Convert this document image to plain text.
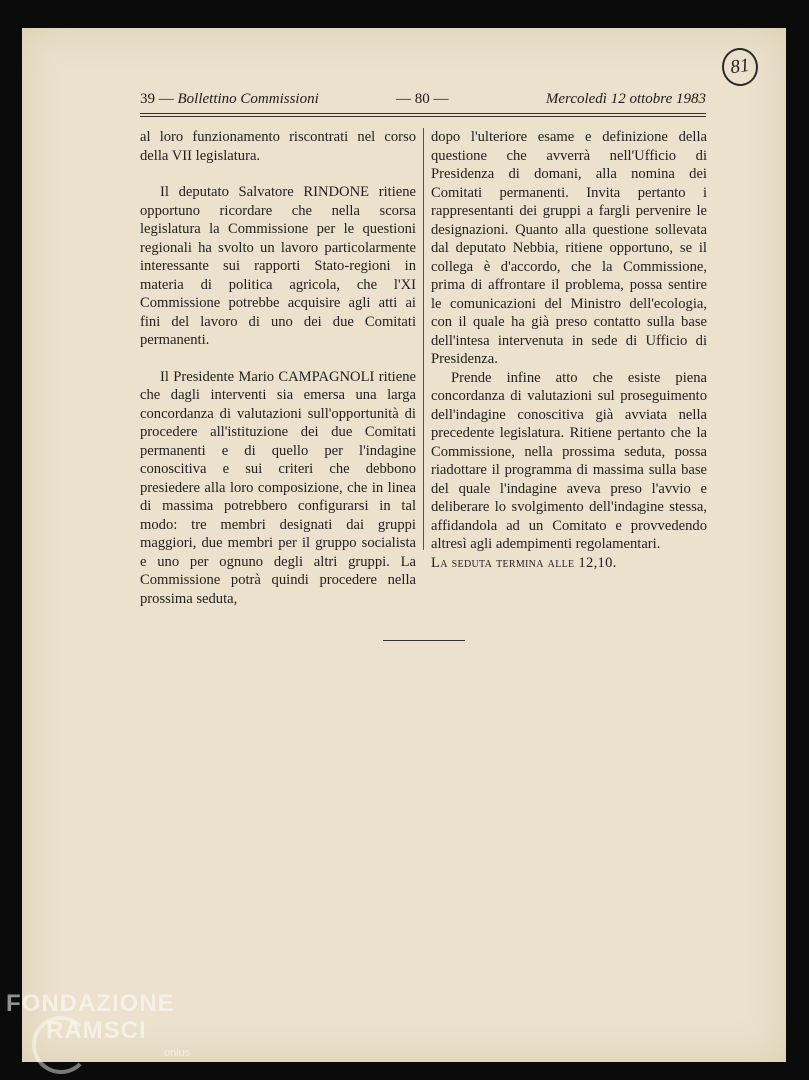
81
39 — Bollettino Commissioni	— 80 —	Mercoledì 12 ottobre 1983

al loro funzionamento riscontrati nel corso della VII legislatura.

Il deputato Salvatore RINDONE ritiene opportuno ricordare che nella scorsa legislatura la Commissione per le questioni regionali ha svolto un lavoro particolarmente interessante sui rapporti Stato-regioni in materia di politica agricola, che l'XI Commissione potrebbe acquisire agli atti ai fini del lavoro di uno dei due Comitati permanenti.

Il Presidente Mario CAMPAGNOLI ritiene che dagli interventi sia emersa una larga concordanza di valutazioni sull'opportunità di procedere all'istituzione dei due Comitati permanenti e di quello per l'indagine conoscitiva e sui criteri che debbono presiedere alla loro composizione, che in linea di massima potrebbero configurarsi in tal modo: tre membri designati dai gruppi maggiori, due membri per il gruppo socialista e uno per ognuno degli altri gruppi. La Commissione potrà quindi procedere nella prossima seduta,

dopo l'ulteriore esame e definizione della questione che avverrà nell'Ufficio di Presidenza di domani, alla nomina dei Comitati permanenti. Invita pertanto i rappresentanti dei gruppi a fargli pervenire le designazioni. Quanto alla questione sollevata dal deputato Nebbia, ritiene opportuno, se il collega è d'accordo, che la Commissione, prima di affrontare il problema, possa sentire le comunicazioni del Ministro dell'ecologia, con il quale ha già preso contatto sulla base dell'intesa intervenuta in sede di Ufficio di Presidenza.

Prende infine atto che esiste piena concordanza di valutazioni sul proseguimento dell'indagine conoscitiva già avviata nella precedente legislatura. Ritiene pertanto che la Commissione, nella prossima seduta, possa riadottare il programma di massima sulla base del quale l'indagine aveva preso l'avvio e deliberare lo svolgimento dell'indagine stessa, affidandola ad un Comitato e provvedendo altresì agli adempimenti regolamentari.

La seduta termina alle 12,10.

FONDAZIONE
RAMSCI
onlus
